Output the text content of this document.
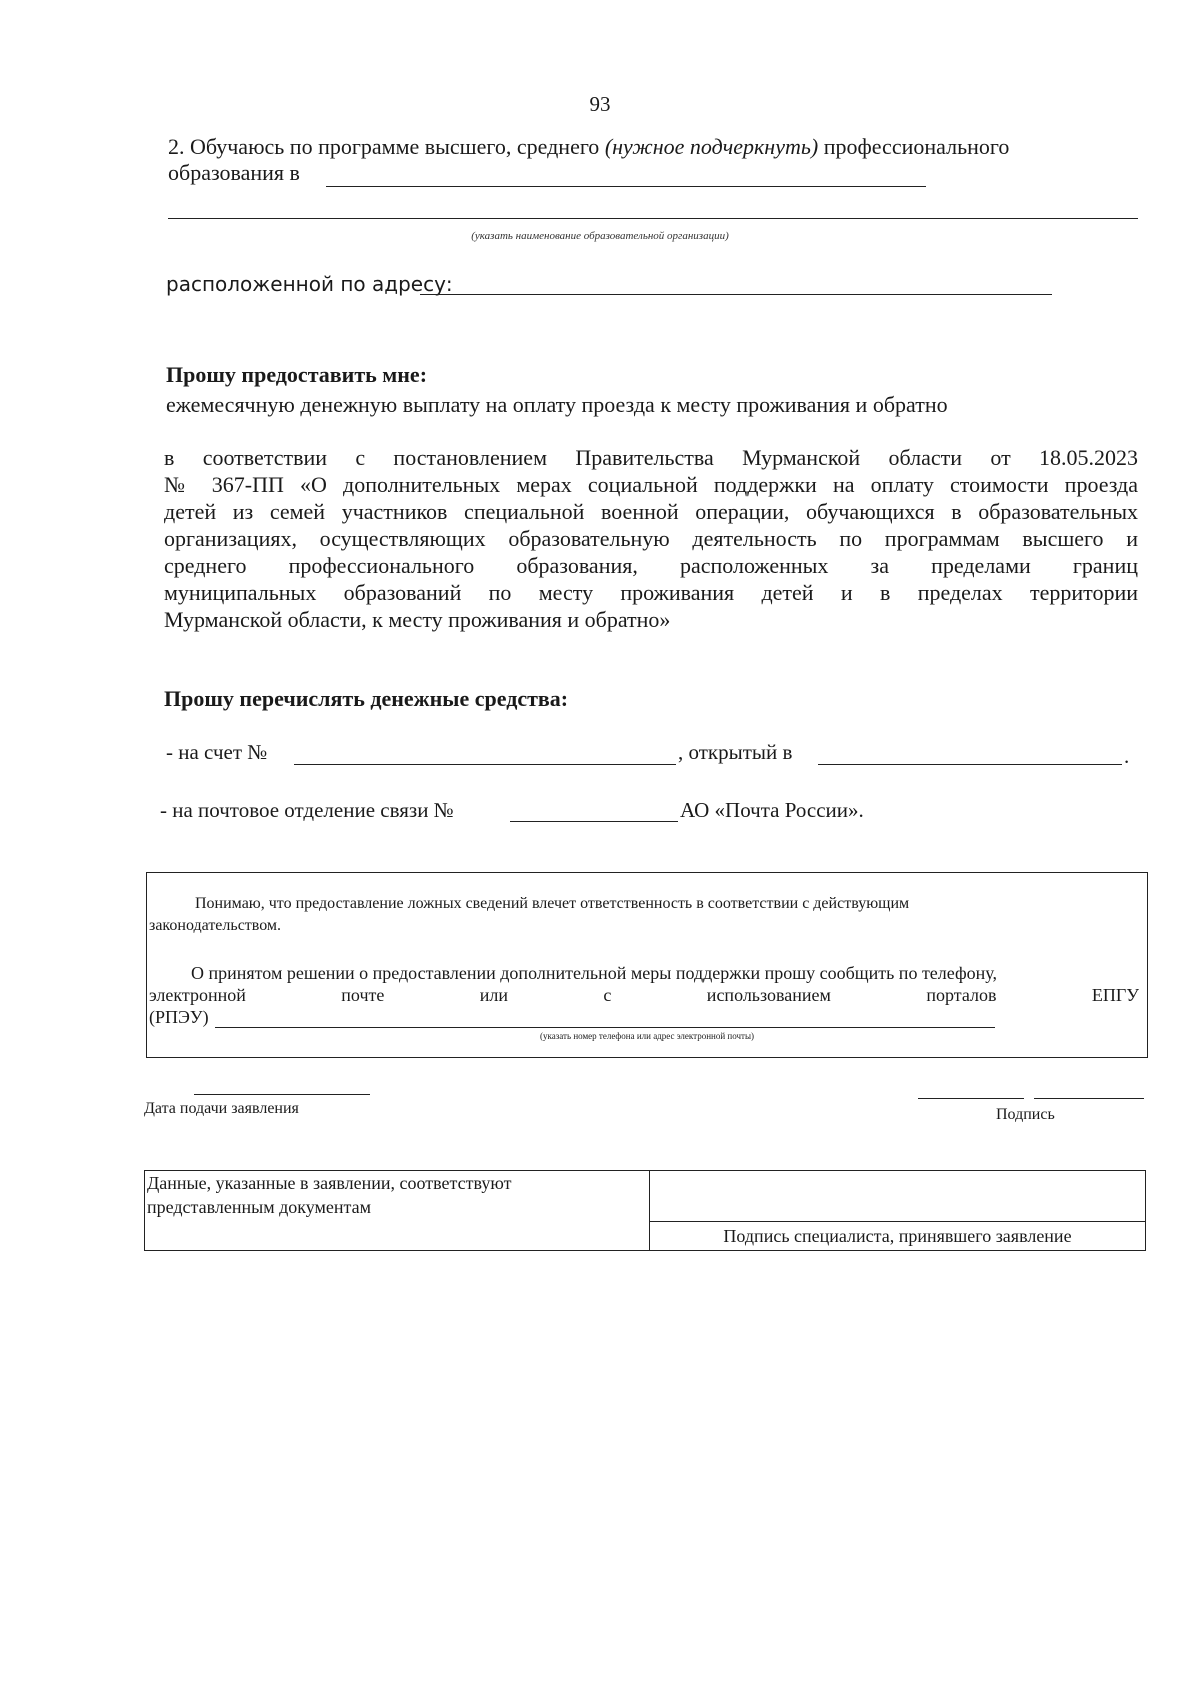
93
2. Обучаюсь по программе высшего, среднего (нужное подчеркнуть) профессионального
образования в
(указать наименование образовательной организации)
расположенной по адресу:
Прошу предоставить мне:
ежемесячную денежную выплату на оплату проезда к месту проживания и обратно
в соответствии с постановлением Правительства Мурманской области от 18.05.2023
№ 367-ПП «О дополнительных мерах социальной поддержки на оплату стоимости проезда
детей из семей участников специальной военной операции, обучающихся в образовательных
организациях, осуществляющих образовательную деятельность по программам высшего и
среднего профессионального образования, расположенных за пределами границ
муниципальных образований по месту проживания детей и в пределах территории
Мурманской области, к месту проживания и обратно»
Прошу перечислять денежные средства:
- на счет №	, открытый в	.
- на почтовое отделение связи №	АО «Почта России».
Понимаю, что предоставление ложных сведений влечет ответственность в соответствии с действующим
законодательством.
О принятом решении о предоставлении дополнительной меры поддержки прошу сообщить по телефону,
электронной почте или с использованием порталов ЕПГУ
(РПЭУ)
(указать номер телефона или адрес электронной почты)
Дата подачи заявления	Подпись
Данные, указанные в заявлении, соответствуют
представленным документам

Подпись специалиста, принявшего заявление
